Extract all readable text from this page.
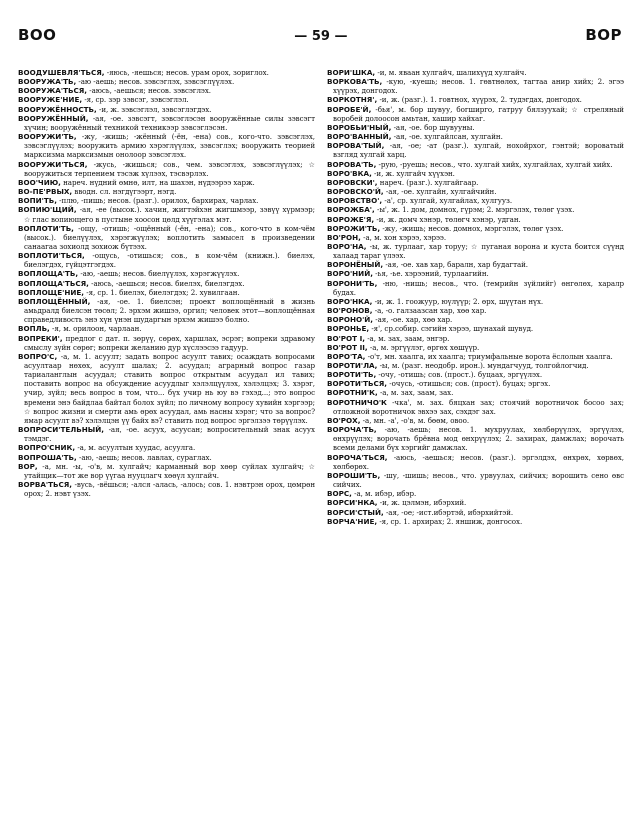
ВОО	— 59 —	ВОР

ВООДУШЕВЛЯ'ТЬСЯ, -яюсь, -яешься; несов. урам орох, зориглох.

ВООРУЖА'ТЬ, -аю -аешь; несов. зэвсэглэх, зэвсэглүүлэх.

ВООРУЖА'ТЬСЯ, -аюсь, -аешься; несов. зэвсэглэх.

ВООРУЖЕ'НИЕ, -я, ср. зэр зэвсэг, зэвсэглэл.

ВООРУЖЁННОСТЬ, -и, ж. зэвсэглэл, зэвсэглэгдэх.

ВООРУЖЁННЫЙ, -ая, -ое. зэвсэгт, зэвсэглэсэн вооружённые силы зэвсэгт хүчин; вооружённый техникой техникээр зэвсэглэсэн.

ВООРУЖИ'ТЬ, -жу, -жишь; -жённый (-ён, -ена) сов., кого-что. зэвсэглэх, зэвсэглүүлэх; вооружить армию хэрэглүүлэх, зэвсэглэх; вооружить теорией марксизма марксизмын онолоор зэвсэглэх.

ВООРУЖИ'ТЬСЯ, -жусь, -жишься; сов., чем. зэвсэглэх, зэвсэглүүлэх; ☆ вооружиться терпением тэсэж хүлээх, тэсвэрлэх.

ВОО'ЧИЮ, нареч. нүдний өмнө, илт, на шахэн, нүдээрээ харж.

ВО-ПЕ'РВЫХ, вводн. сл. нэгдүгээрт, нэгд.

ВОПИ'ТЬ, -плю, -пишь; несов. (разг.). орилох, бархирах, чарлах.

ВОПИЮ'ЩИЙ, -ая, -ее (высок.). хачин, жигтэйхэн жигшмээр, зэвүү хүрмээр; ☆ глас вопиющего в пустыне хоосон цөлд хүүгэлах мэт.

ВОПЛОТИ'ТЬ, -ощу, -отишь; -ощённый (-ён, -ена); сов., кого-что в ком-чём (высок.). биелүүлэх, хэрэгжүүлэх; воплотить замысел в произведении санаагаа зохиолд зохиож бүтээх.

ВОПЛОТИ'ТЬСЯ, -ощусь, -отишься; сов., в ком-чём (книжн.). биелэх, биелэгдэх, гүйцэтгэгдэх.

ВОПЛОЩА'ТЬ, -аю, -аешь; несов. биелүүлэх, хэрэгжүүлэх.

ВОПЛОЩА'ТЬСЯ, -аюсь, -аешься; несов. биелэх, биелэгдэх.

ВОПЛОЩЕ'НИЕ, -я, ср. 1. биелэх, биелэгдэх; 2. хувилгаан.

ВОПЛОЩЁННЫЙ, -ая, -ое. 1. биелсэн; проект воплощённый в жизнь амьдралд биелсэн төсөл; 2. эрхэм жишээ, оргил; человек этот—воплощённая справедливость энэ хүн үнэн шударгын эрхэм жишээ болно.

ВОПЛЬ, -я, м. орилоон, чарлаан.

ВОПРЕКИ', предлог с дат. п. зөрүү, сөрөх, харшлах, эсрэг; вопреки здравому смыслу зүйн сөрөг; вопреки желанию дур хүслээсээ гадуур.

ВОПРО'С, -а, м. 1. асуулт; задать вопрос асуулт тавих; осаждать вопросами асуултаар нөхөх, асуулт шалах; 2. асуудал; аграрный вопрос газар тариаланглын асуудал; ставить вопрос открытым асуудал ил тавих; поставить вопрос на обсуждение асуудлыг хэлэлцүүлэх, хэлэлцэх; 3. хэрэг, учир, зүйл; весь вопрос в том, что... бүх учир нь юу вэ гэхэд...; это вопрос времени энэ байдлаа байтал болох зүйл; по личному вопросу хувийн хэргээр; ☆ вопрос жизни и смерти амь өрөх асуудал, амь насны хэрэг; что за вопрос? ямар асуулт вэ? хэлэлцэн үү байх вэ? ставить под вопрос эргэлзээ төрүүлэх.

ВОПРОСИ'ТЕЛЬНЫЙ, -ая, -ое. асуух, асуусан; вопросительный знак асуух тэмдэг.

ВОПРО'СНИК, -а, м. асуултын хуудас, асуулга.

ВОПРОША'ТЬ, -аю, -аешь; несов. лавлах, сураглах.

ВОР, -а, мн. -ы, -о'в, м. хулгайч; карманный вор хөөр суйлах хулгайч; ☆ утайщик—тот же вор үүгаа нууцлагч хөөүл хулгайч.

ВОРВА'ТЬСЯ, -вусь, -вёшься; -ался -алась, -алось; сов. 1. нэвтрэн орох, цөмрөн орох; 2. нэвт үзэх.

ВОРИ'ШКА, -и, м. яваан хулгайч, шалихүүд хулгайч.

ВОРКОВА'ТЬ, -кую, -куешь; несов. 1. гөвтнөлөх, тагтаа анир хийх; 2. эгээ хүүрэх, донгодох.

ВОРКОТНЯ', -и, ж. (разг.). 1. говтнох, хүүрэх, 2. тудэгдах, донгодох.

ВОРОБЕ'Й, -бья', м. бор шувуу, богширго, гатруу бялзуухай; ☆ стреляный воробей долоосон амьтан, хашир хайхаг.

ВОРОБЬИ'НЫЙ, -ая, -ое. бор шувууны.

ВОРО'ВАННЫЙ, -ая, -ое. хулгайлсан, хулгайн.

ВОРОВА'ТЫЙ, -ая, -ое; -ат (разг.). хулгай, нохойрхог, гэнтэй; вороватый взгляд хулгай харц.

ВОРОВА'ТЬ, -рую, -руешь; несов., что. хулгай хийх, хулгайлах, хулгай хийх.

ВОРО'ВКА, -и, ж. хулгайч хүүхэн.

ВОРОВСКИ', нареч. (разг.). хулгайгаар.

ВОРОВСКО'Й, -ая, -ое. хулгайн, хулгайчийн.

ВОРОВСТВО', -а', ср. хулгай, хулгайлах, хулгууз.

ВОРОЖБА', -ы', ж. 1. дом, домнох, гүрэм; 2. мэргэлэх, төлөг үзэх.

ВОРОЖЕ'Я, -и, ж. домч хэнэр, төлөгч хэнэр, удган.

ВОРОЖИ'ТЬ, -жу, -жишь; несов. домнох, мэргэлэх, төлөг үзэх.

ВО'РОН, -а, м. хон хэрээ, хэрээ.

ВОРО'НА, -ы, ж. турлааг, хар торуу; ☆ пуганая ворона и куста боится сүүнд халаад тараг үлээх.

ВОРОНЁНЫЙ, -ая, -ое. хав хар, баралн, хар будагтай.

ВОРО'НИЙ, -ья, -ье. хэрээний, турлаагийн.

ВОРОНИ'ТЬ, -ню, -нишь; несов., что. (темрийн зүйлийг) өнгөлөх, харалр будах.

ВОРО'НКА, -и, ж. 1. гоожуур, юүлүүр; 2. өрх, шүүтан нүх.

ВО'РОНОВ, -а, -о. галзаазсан хар, хөө хар.

ВОРОНО'Й, -ая, -ое. хар, хөө хар.

ВОРОНЬЕ, -я', ср.собир. сэгийн хэрээ, шунахай шувуд.

ВО'РОТ I, -а, м. зах, заам, энгэр.

ВО'РОТ II, -а, м. эргүүлэг, өргөх хөшүүр.

ВОРО'ТА, -о'т, мн. хаалга, их хаалга; триумфальные ворота ёслолын хаалга.

ВОРОТИ'ЛА, -ы, м. (разг. неодобр. ирон.). мундагчууд, толгойлогчид.

ВОРОТИ'ТЬ, -очу, -отишь; сов. (прост.). буцаах, эргүүлэх.

ВОРОТИ'ТЬСЯ, -очусь, -отишься; сов. (прост). буцах; эргэх.

ВОРОТНИ'К, -а, м. зах, заам, зах.

ВОРОТНИЧО'К -чка', м. зах. бяцхан зах; стоячий воротничок босоо зах; отложной воротничок эвхээ зах, сэхдэг зах.

ВО'РОХ, -а, мн. -а', -о'в, м. бөөм, овоо.

ВОРОЧА'ТЬ, -аю, -аешь; несов. 1. мухруулах, хөлбөрүүлэх, эргүүлэх, өнхрүүлэх; ворочать брёвна мод өнхрүүлэх; 2. захирах, дамжлах; ворочать всеми делами бүх хэргийг дамжлах.

ВОРОЧА'ТЬСЯ, -аюсь, -аешься; несов. (разг.). эргэлдэх, өнхрөх, хөрвөх, хөлбөрөх.

ВОРОШИ'ТЬ, -шу, -шишь; несов., что. урвуулах, сийчих; ворошить сено өвс сийчих.

ВОРС, -а, м. ибэр, ибэр.

ВОРСИ'НКА, -и, ж. цэлмэн, ибэрхий.

ВОРСИ'СТЫЙ, -ая, -ое; -ист.ибэртэй, ибэрхийтэй.

ВОРЧА'НИЕ, -я, ср. 1. архирах; 2. яншиж, донгосох.
